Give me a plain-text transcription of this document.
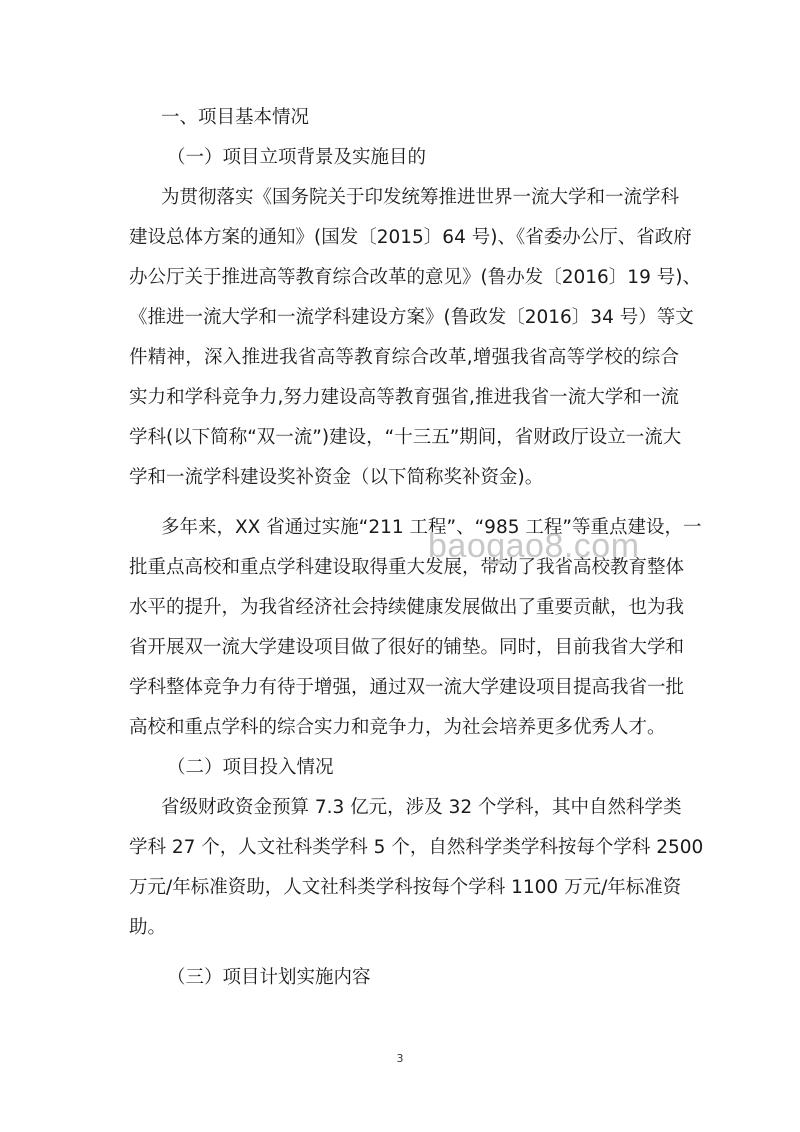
一、项目基本情况
（一）项目立项背景及实施目的
为贯彻落实《国务院关于印发统筹推进世界一流大学和一流学科
建设总体方案的通知》(国发〔2015〕64 号)、《省委办公厅、省政府
办公厅关于推进高等教育综合改革的意见》(鲁办发〔2016〕19 号)、
《推进一流大学和一流学科建设方案》(鲁政发〔2016〕34 号）等文
件精神，深入推进我省高等教育综合改革,增强我省高等学校的综合
实力和学科竞争力,努力建设高等教育强省,推进我省一流大学和一流
学科(以下简称“双一流”)建设，“十三五”期间，省财政厅设立一流大
学和一流学科建设奖补资金（以下简称奖补资金)。
多年来，XX 省通过实施“211 工程”、“985 工程”等重点建设，一
批重点高校和重点学科建设取得重大发展，带动了我省高校教育整体
水平的提升，为我省经济社会持续健康发展做出了重要贡献，也为我
省开展双一流大学建设项目做了很好的铺垫。同时，目前我省大学和
学科整体竞争力有待于增强，通过双一流大学建设项目提高我省一批
高校和重点学科的综合实力和竞争力，为社会培养更多优秀人才。
（二）项目投入情况
省级财政资金预算 7.3 亿元，涉及 32 个学科，其中自然科学类
学科 27 个，人文社科类学科 5 个，自然科学类学科按每个学科 2500
万元/年标准资助，人文社科类学科按每个学科 1100 万元/年标准资
助。
（三）项目计划实施内容
baogao8.com
3
